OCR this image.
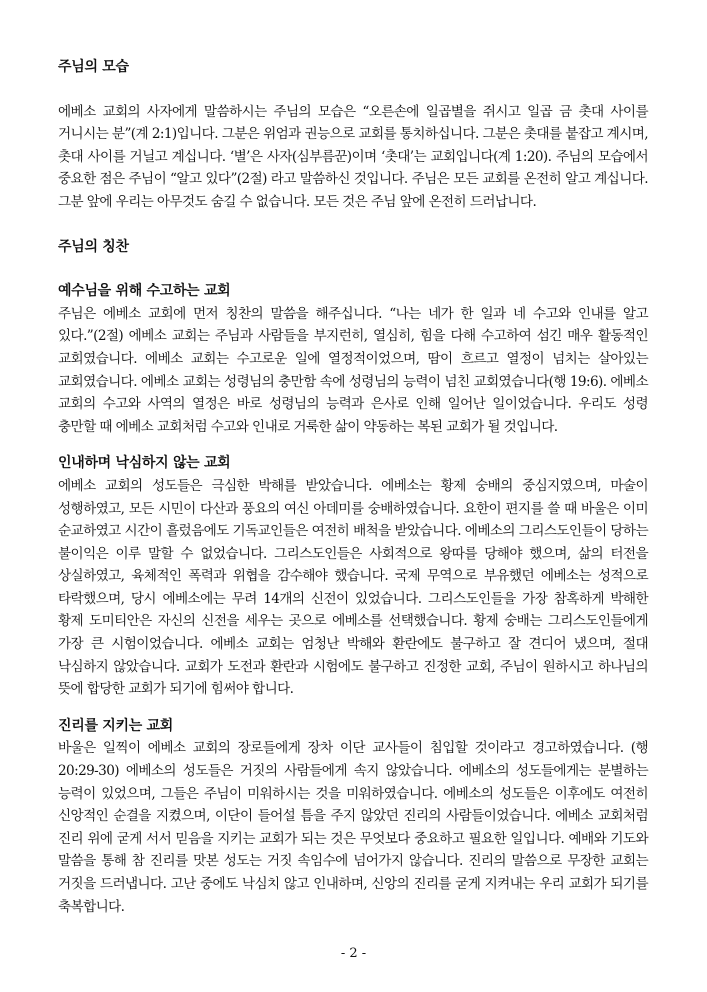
주님의 모습

에베소 교회의 사자에게 말씀하시는 주님의 모습은 “오른손에 일곱별을 쥐시고 일곱 금 촛대 사이를 거니시는 분”(계 2:1)입니다. 그분은 위엄과 권능으로 교회를 통치하십니다. 그분은 촛대를 붙잡고 계시며, 촛대 사이를 거닐고 계십니다. ‘별’은 사자(심부름꾼)이며 ‘촛대’는 교회입니다(계 1:20). 주님의 모습에서 중요한 점은 주님이 “알고 있다”(2절) 라고 말씀하신 것입니다. 주님은 모든 교회를 온전히 알고 계십니다. 그분 앞에 우리는 아무것도 숨길 수 없습니다. 모든 것은 주님 앞에 온전히 드러납니다.

주님의 칭찬
예수님을 위해 수고하는 교회

주님은 에베소 교회에 먼저 칭찬의 말씀을 해주십니다. “나는 네가 한 일과 네 수고와 인내를 알고 있다.”(2절) 에베소 교회는 주님과 사람들을 부지런히, 열심히, 힘을 다해 수고하여 섬긴 매우 활동적인 교회였습니다. 에베소 교회는 수고로운 일에 열정적이었으며, 땀이 흐르고 열정이 넘치는 살아있는 교회였습니다. 에베소 교회는 성령님의 충만함 속에 성령님의 능력이 넘친 교회였습니다(행 19:6). 에베소 교회의 수고와 사역의 열정은 바로 성령님의 능력과 은사로 인해 일어난 일이었습니다. 우리도 성령 충만할 때 에베소 교회처럼 수고와 인내로 거룩한 삶이 약동하는 복된 교회가 될 것입니다.

인내하며 낙심하지 않는 교회

에베소 교회의 성도들은 극심한 박해를 받았습니다. 에베소는 황제 숭배의 중심지였으며, 마술이 성행하였고, 모든 시민이 다산과 풍요의 여신 아데미를 숭배하였습니다. 요한이 편지를 쓸 때 바울은 이미 순교하였고 시간이 흘렀음에도 기독교인들은 여전히 배척을 받았습니다. 에베소의 그리스도인들이 당하는 불이익은 이루 말할 수 없었습니다. 그리스도인들은 사회적으로 왕따를 당해야 했으며, 삶의 터전을 상실하였고, 육체적인 폭력과 위협을 감수해야 했습니다. 국제 무역으로 부유했던 에베소는 성적으로 타락했으며, 당시 에베소에는 무려 14개의 신전이 있었습니다. 그리스도인들을 가장 참혹하게 박해한 황제 도미티안은 자신의 신전을 세우는 곳으로 에베소를 선택했습니다. 황제 숭배는 그리스도인들에게 가장 큰 시험이었습니다. 에베소 교회는 엄청난 박해와 환란에도 불구하고 잘 견디어 냈으며, 절대 낙심하지 않았습니다. 교회가 도전과 환란과 시험에도 불구하고 진정한 교회, 주님이 원하시고 하나님의 뜻에 합당한 교회가 되기에 힘써야 합니다.

진리를 지키는 교회

바울은 일찍이 에베소 교회의 장로들에게 장차 이단 교사들이 침입할 것이라고 경고하였습니다. (행 20:29-30) 에베소의 성도들은 거짓의 사람들에게 속지 않았습니다. 에베소의 성도들에게는 분별하는 능력이 있었으며, 그들은 주님이 미워하시는 것을 미워하였습니다. 에베소의 성도들은 이후에도 여전히 신앙적인 순결을 지켰으며, 이단이 들어설 틈을 주지 않았던 진리의 사람들이었습니다. 에베소 교회처럼 진리 위에 굳게 서서 믿음을 지키는 교회가 되는 것은 무엇보다 중요하고 필요한 일입니다. 예배와 기도와 말씀을 통해 참 진리를 맛본 성도는 거짓 속임수에 넘어가지 않습니다. 진리의 말씀으로 무장한 교회는 거짓을 드러냅니다. 고난 중에도 낙심치 않고 인내하며, 신앙의 진리를 굳게 지켜내는 우리 교회가 되기를 축복합니다.

- 2 -
